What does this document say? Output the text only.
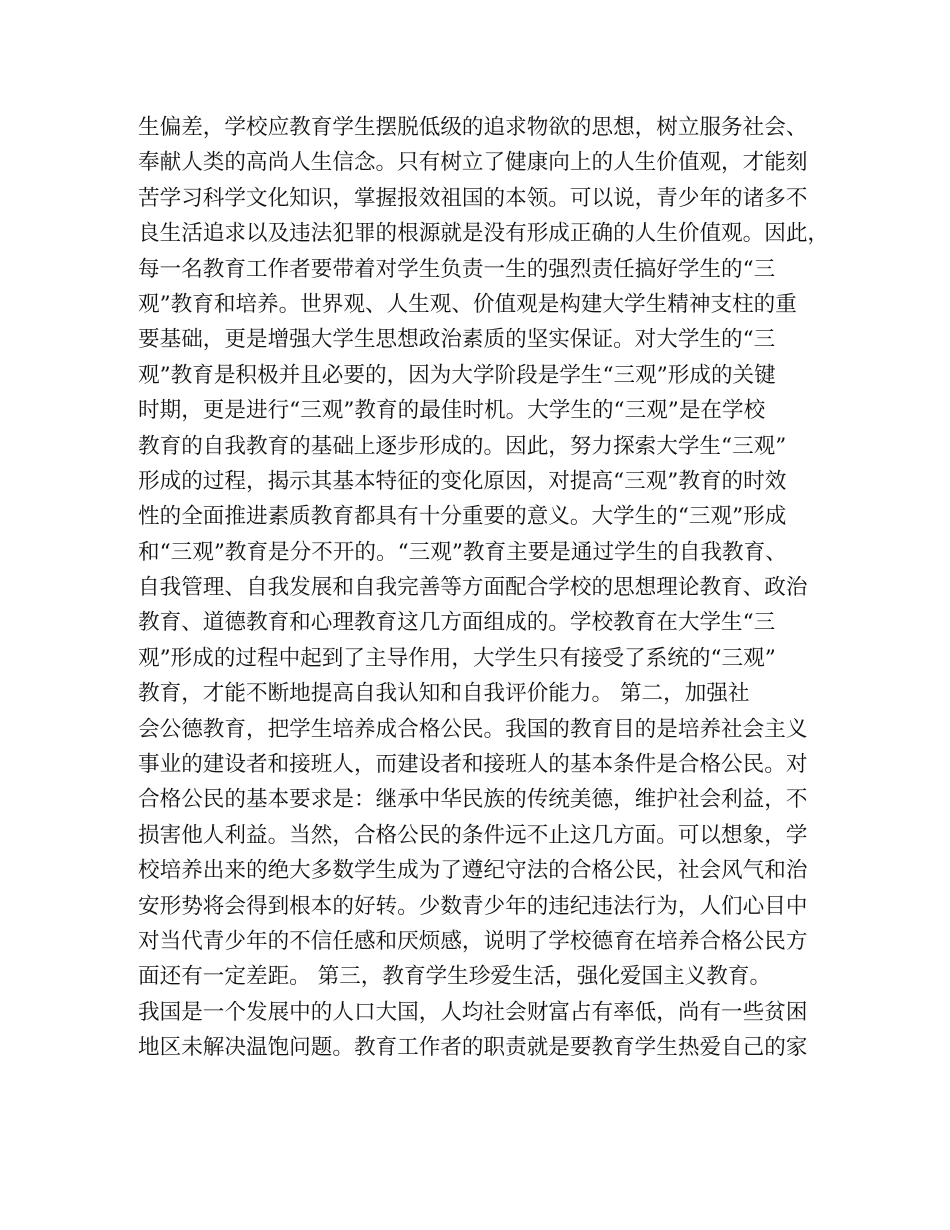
生偏差，学校应教育学生摆脱低级的追求物欲的思想，树立服务社会、
奉献人类的高尚人生信念。只有树立了健康向上的人生价值观，才能刻
苦学习科学文化知识，掌握报效祖国的本领。可以说，青少年的诸多不
良生活追求以及违法犯罪的根源就是没有形成正确的人生价值观。因此，
每一名教育工作者要带着对学生负责一生的强烈责任搞好学生的“三
观”教育和培养。世界观、人生观、价值观是构建大学生精神支柱的重
要基础，更是增强大学生思想政治素质的坚实保证。对大学生的“三
观”教育是积极并且必要的，因为大学阶段是学生“三观”形成的关键
时期，更是进行“三观”教育的最佳时机。大学生的“三观”是在学校
教育的自我教育的基础上逐步形成的。因此，努力探索大学生“三观”
形成的过程，揭示其基本特征的变化原因，对提高“三观”教育的时效
性的全面推进素质教育都具有十分重要的意义。大学生的“三观”形成
和“三观”教育是分不开的。“三观”教育主要是通过学生的自我教育、
自我管理、自我发展和自我完善等方面配合学校的思想理论教育、政治
教育、道德教育和心理教育这几方面组成的。学校教育在大学生“三
观”形成的过程中起到了主导作用，大学生只有接受了系统的“三观”
教育，才能不断地提高自我认知和自我评价能力。 第二，加强社
会公德教育，把学生培养成合格公民。我国的教育目的是培养社会主义
事业的建设者和接班人，而建设者和接班人的基本条件是合格公民。对
合格公民的基本要求是：继承中华民族的传统美德，维护社会利益，不
损害他人利益。当然，合格公民的条件远不止这几方面。可以想象，学
校培养出来的绝大多数学生成为了遵纪守法的合格公民，社会风气和治
安形势将会得到根本的好转。少数青少年的违纪违法行为，人们心目中
对当代青少年的不信任感和厌烦感，说明了学校德育在培养合格公民方
面还有一定差距。 第三，教育学生珍爱生活，强化爱国主义教育。
我国是一个发展中的人口大国，人均社会财富占有率低，尚有一些贫困
地区未解决温饱问题。教育工作者的职责就是要教育学生热爱自己的家
